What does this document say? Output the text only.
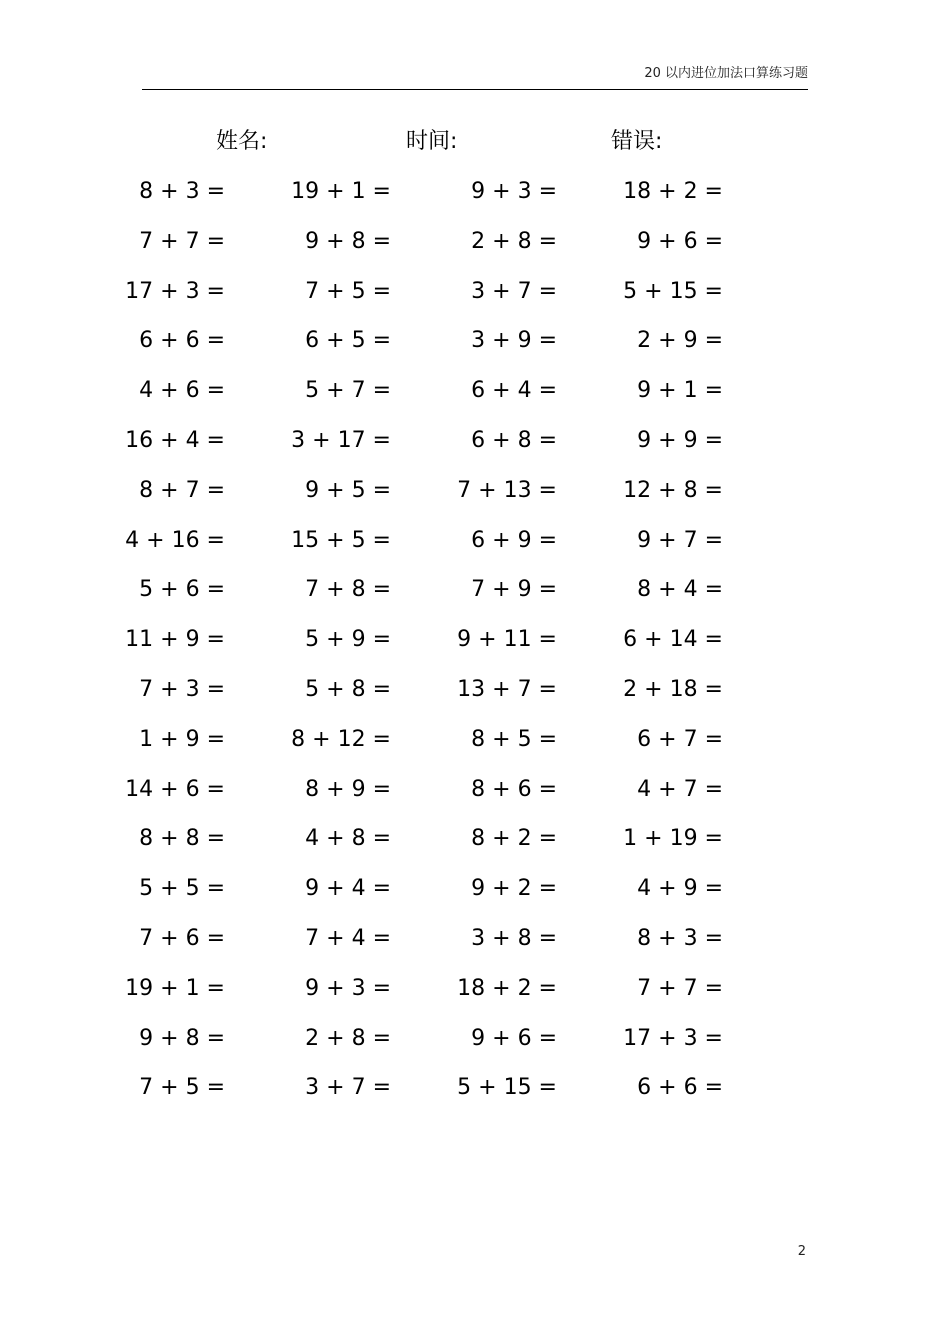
20 以内进位加法口算练习题
姓名:	时间:	错误:
8 + 3 =	19 + 1 =	9 + 3 =	18 + 2 =
7 + 7 =	9 + 8 =	2 + 8 =	9 + 6 =
17 + 3 =	7 + 5 =	3 + 7 =	5 + 15 =
6 + 6 =	6 + 5 =	3 + 9 =	2 + 9 =
4 + 6 =	5 + 7 =	6 + 4 =	9 + 1 =
16 + 4 =	3 + 17 =	6 + 8 =	9 + 9 =
8 + 7 =	9 + 5 =	7 + 13 =	12 + 8 =
4 + 16 =	15 + 5 =	6 + 9 =	9 + 7 =
5 + 6 =	7 + 8 =	7 + 9 =	8 + 4 =
11 + 9 =	5 + 9 =	9 + 11 =	6 + 14 =
7 + 3 =	5 + 8 =	13 + 7 =	2 + 18 =
1 + 9 =	8 + 12 =	8 + 5 =	6 + 7 =
14 + 6 =	8 + 9 =	8 + 6 =	4 + 7 =
8 + 8 =	4 + 8 =	8 + 2 =	1 + 19 =
5 + 5 =	9 + 4 =	9 + 2 =	4 + 9 =
7 + 6 =	7 + 4 =	3 + 8 =	8 + 3 =
19 + 1 =	9 + 3 =	18 + 2 =	7 + 7 =
9 + 8 =	2 + 8 =	9 + 6 =	17 + 3 =
7 + 5 =	3 + 7 =	5 + 15 =	6 + 6 =
2
